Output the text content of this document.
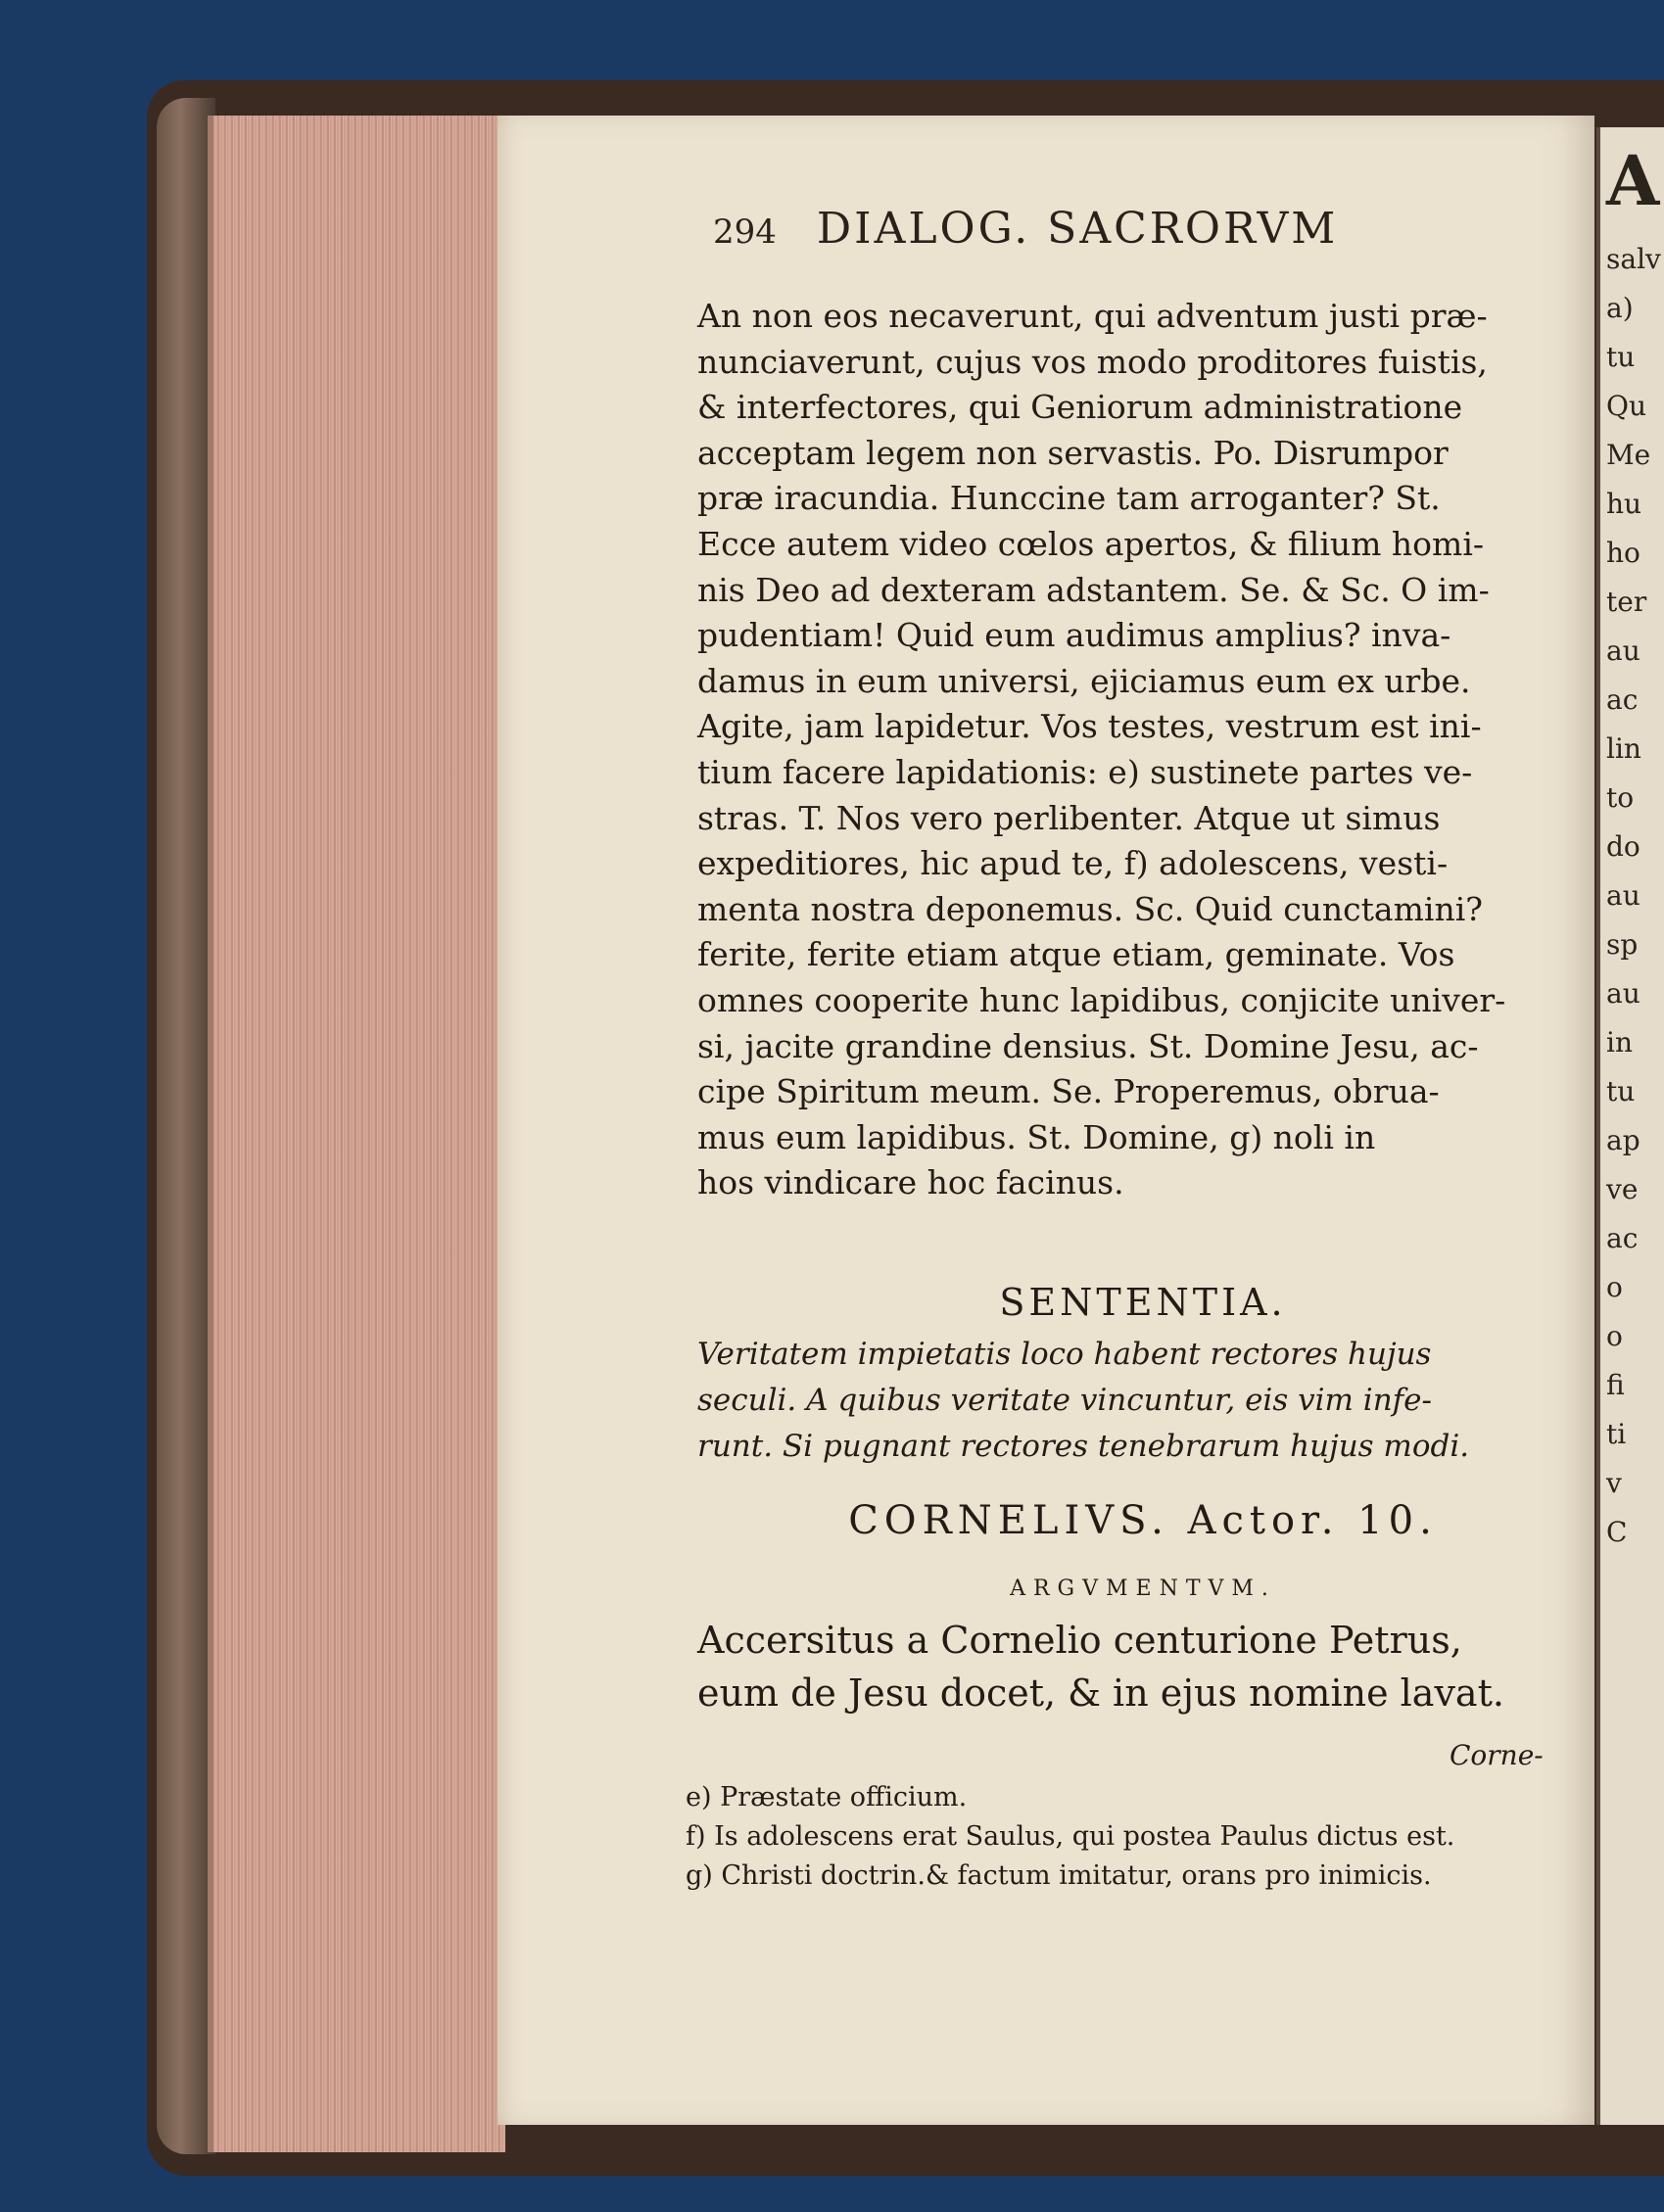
A
salv
a)
tu
Qu
Me
hu
ho
ter
au
ac
lin
to
do
au
sp
au
in
tu
ap
ve
ac
o
o
fi
ti
v
C
294 DIALOG. SACRORVM
An non eos necaverunt, qui adventum justi præ-
nunciaverunt, cujus vos modo proditores fuistis,
& interfectores, qui Geniorum administratione
acceptam legem non servastis. Po. Disrumpor
præ iracundia. Hunccine tam arroganter? St.
Ecce autem video cœlos apertos, & filium homi-
nis Deo ad dexteram adstantem. Se. & Sc. O im-
pudentiam! Quid eum audimus amplius? inva-
damus in eum universi, ejiciamus eum ex urbe.
Agite, jam lapidetur. Vos testes, vestrum est ini-
tium facere lapidationis: e) sustinete partes ve-
stras. T. Nos vero perlibenter. Atque ut simus
expeditiores, hic apud te, f) adolescens, vesti-
menta nostra deponemus. Sc. Quid cunctamini?
ferite, ferite etiam atque etiam, geminate. Vos
omnes cooperite hunc lapidibus, conjicite univer-
si, jacite grandine densius. St. Domine Jesu, ac-
cipe Spiritum meum. Se. Properemus, obrua-
mus eum lapidibus. St. Domine, g) noli in
hos vindicare hoc facinus.
SENTENTIA.
Veritatem impietatis loco habent rectores hujus
seculi. A quibus veritate vincuntur, eis vim infe-
runt. Si pugnant rectores tenebrarum hujus modi.
CORNELIVS. Actor. 10.
ARGVMENTVM.
Accersitus a Cornelio centurione Petrus,
eum de Jesu docet, & in ejus nomine lavat.
Corne-
e) Præstate officium.
f) Is adolescens erat Saulus, qui postea Paulus dictus est.
g) Christi doctrin.& factum imitatur, orans pro inimicis.
